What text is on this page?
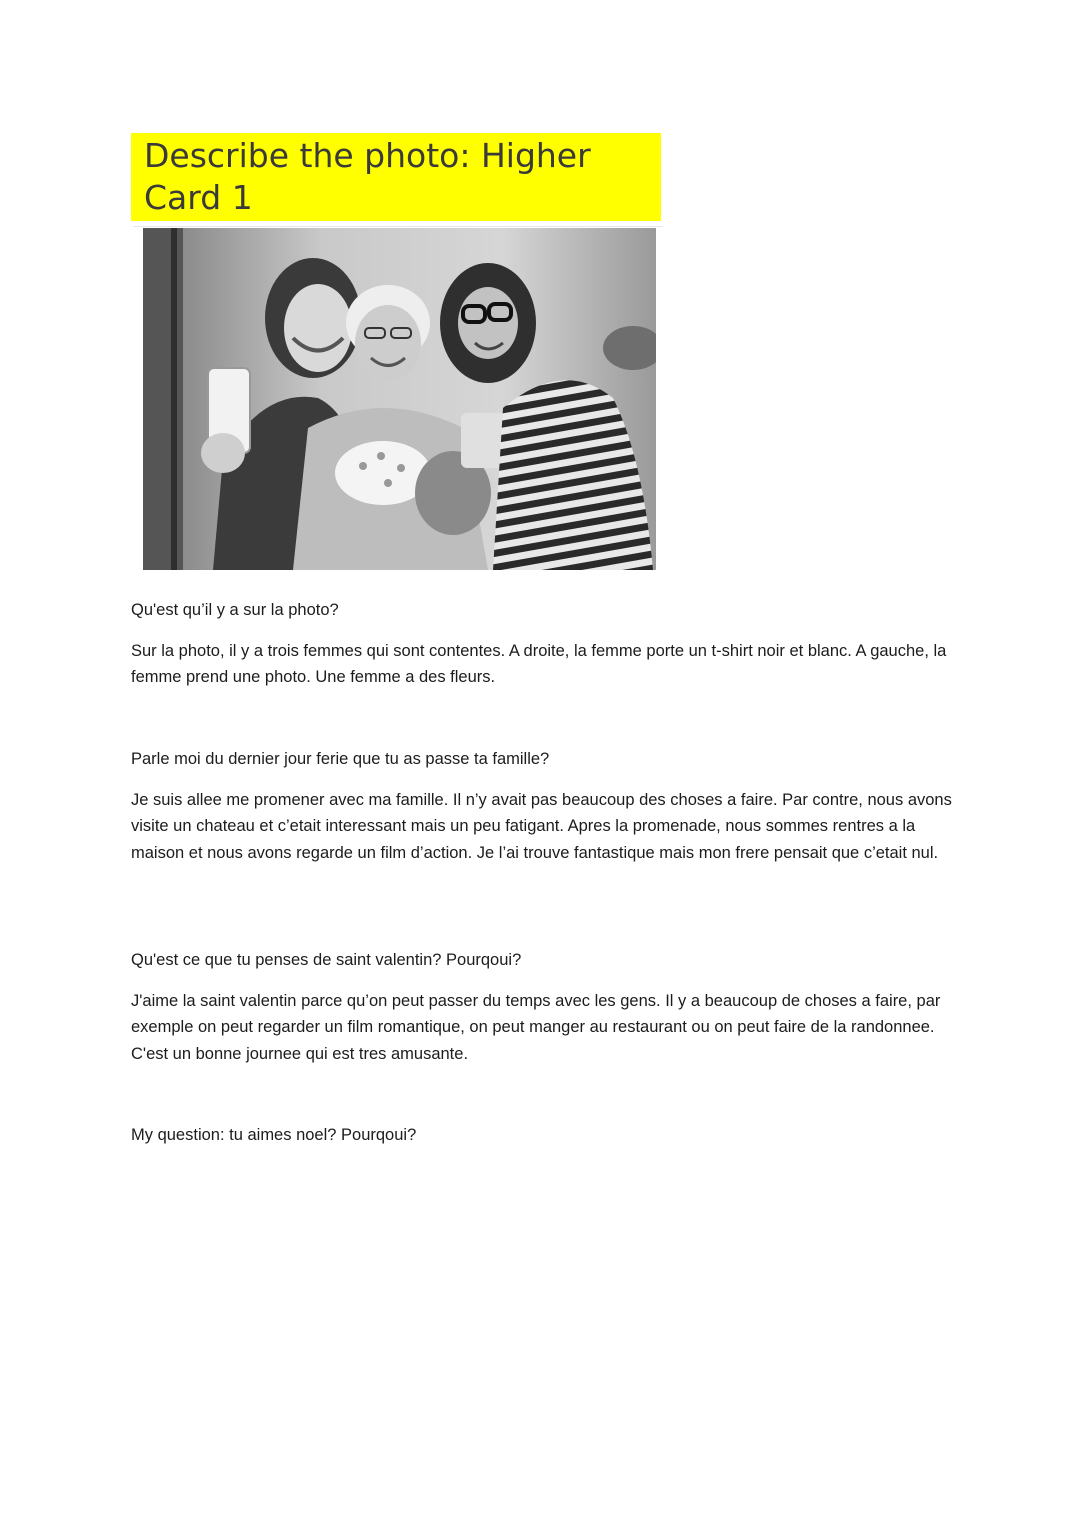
Describe the photo: Higher
Card 1

Qu'est qu’il y a sur la photo?

Sur la photo, il y a trois femmes qui sont contentes. A droite, la femme porte un t-shirt noir et blanc. A gauche, la femme prend une photo. Une femme a des fleurs.

Parle moi du dernier jour ferie que tu as passe ta famille?

Je suis allee me promener avec ma famille. Il n’y avait pas beaucoup des choses a faire. Par contre, nous avons visite un chateau et c’etait interessant mais un peu fatigant. Apres la promenade, nous sommes rentres a la maison et nous avons regarde un film d’action. Je l’ai trouve fantastique mais mon frere pensait que c’etait nul.

Qu'est ce que tu penses de saint valentin? Pourqoui?

J'aime la saint valentin parce qu’on peut passer du temps avec les gens. Il y a beaucoup de choses a faire, par exemple on peut regarder un film romantique, on peut manger au restaurant ou on peut faire de la randonnee. C'est un bonne journee qui est tres amusante.

My question: tu aimes noel? Pourqoui?
